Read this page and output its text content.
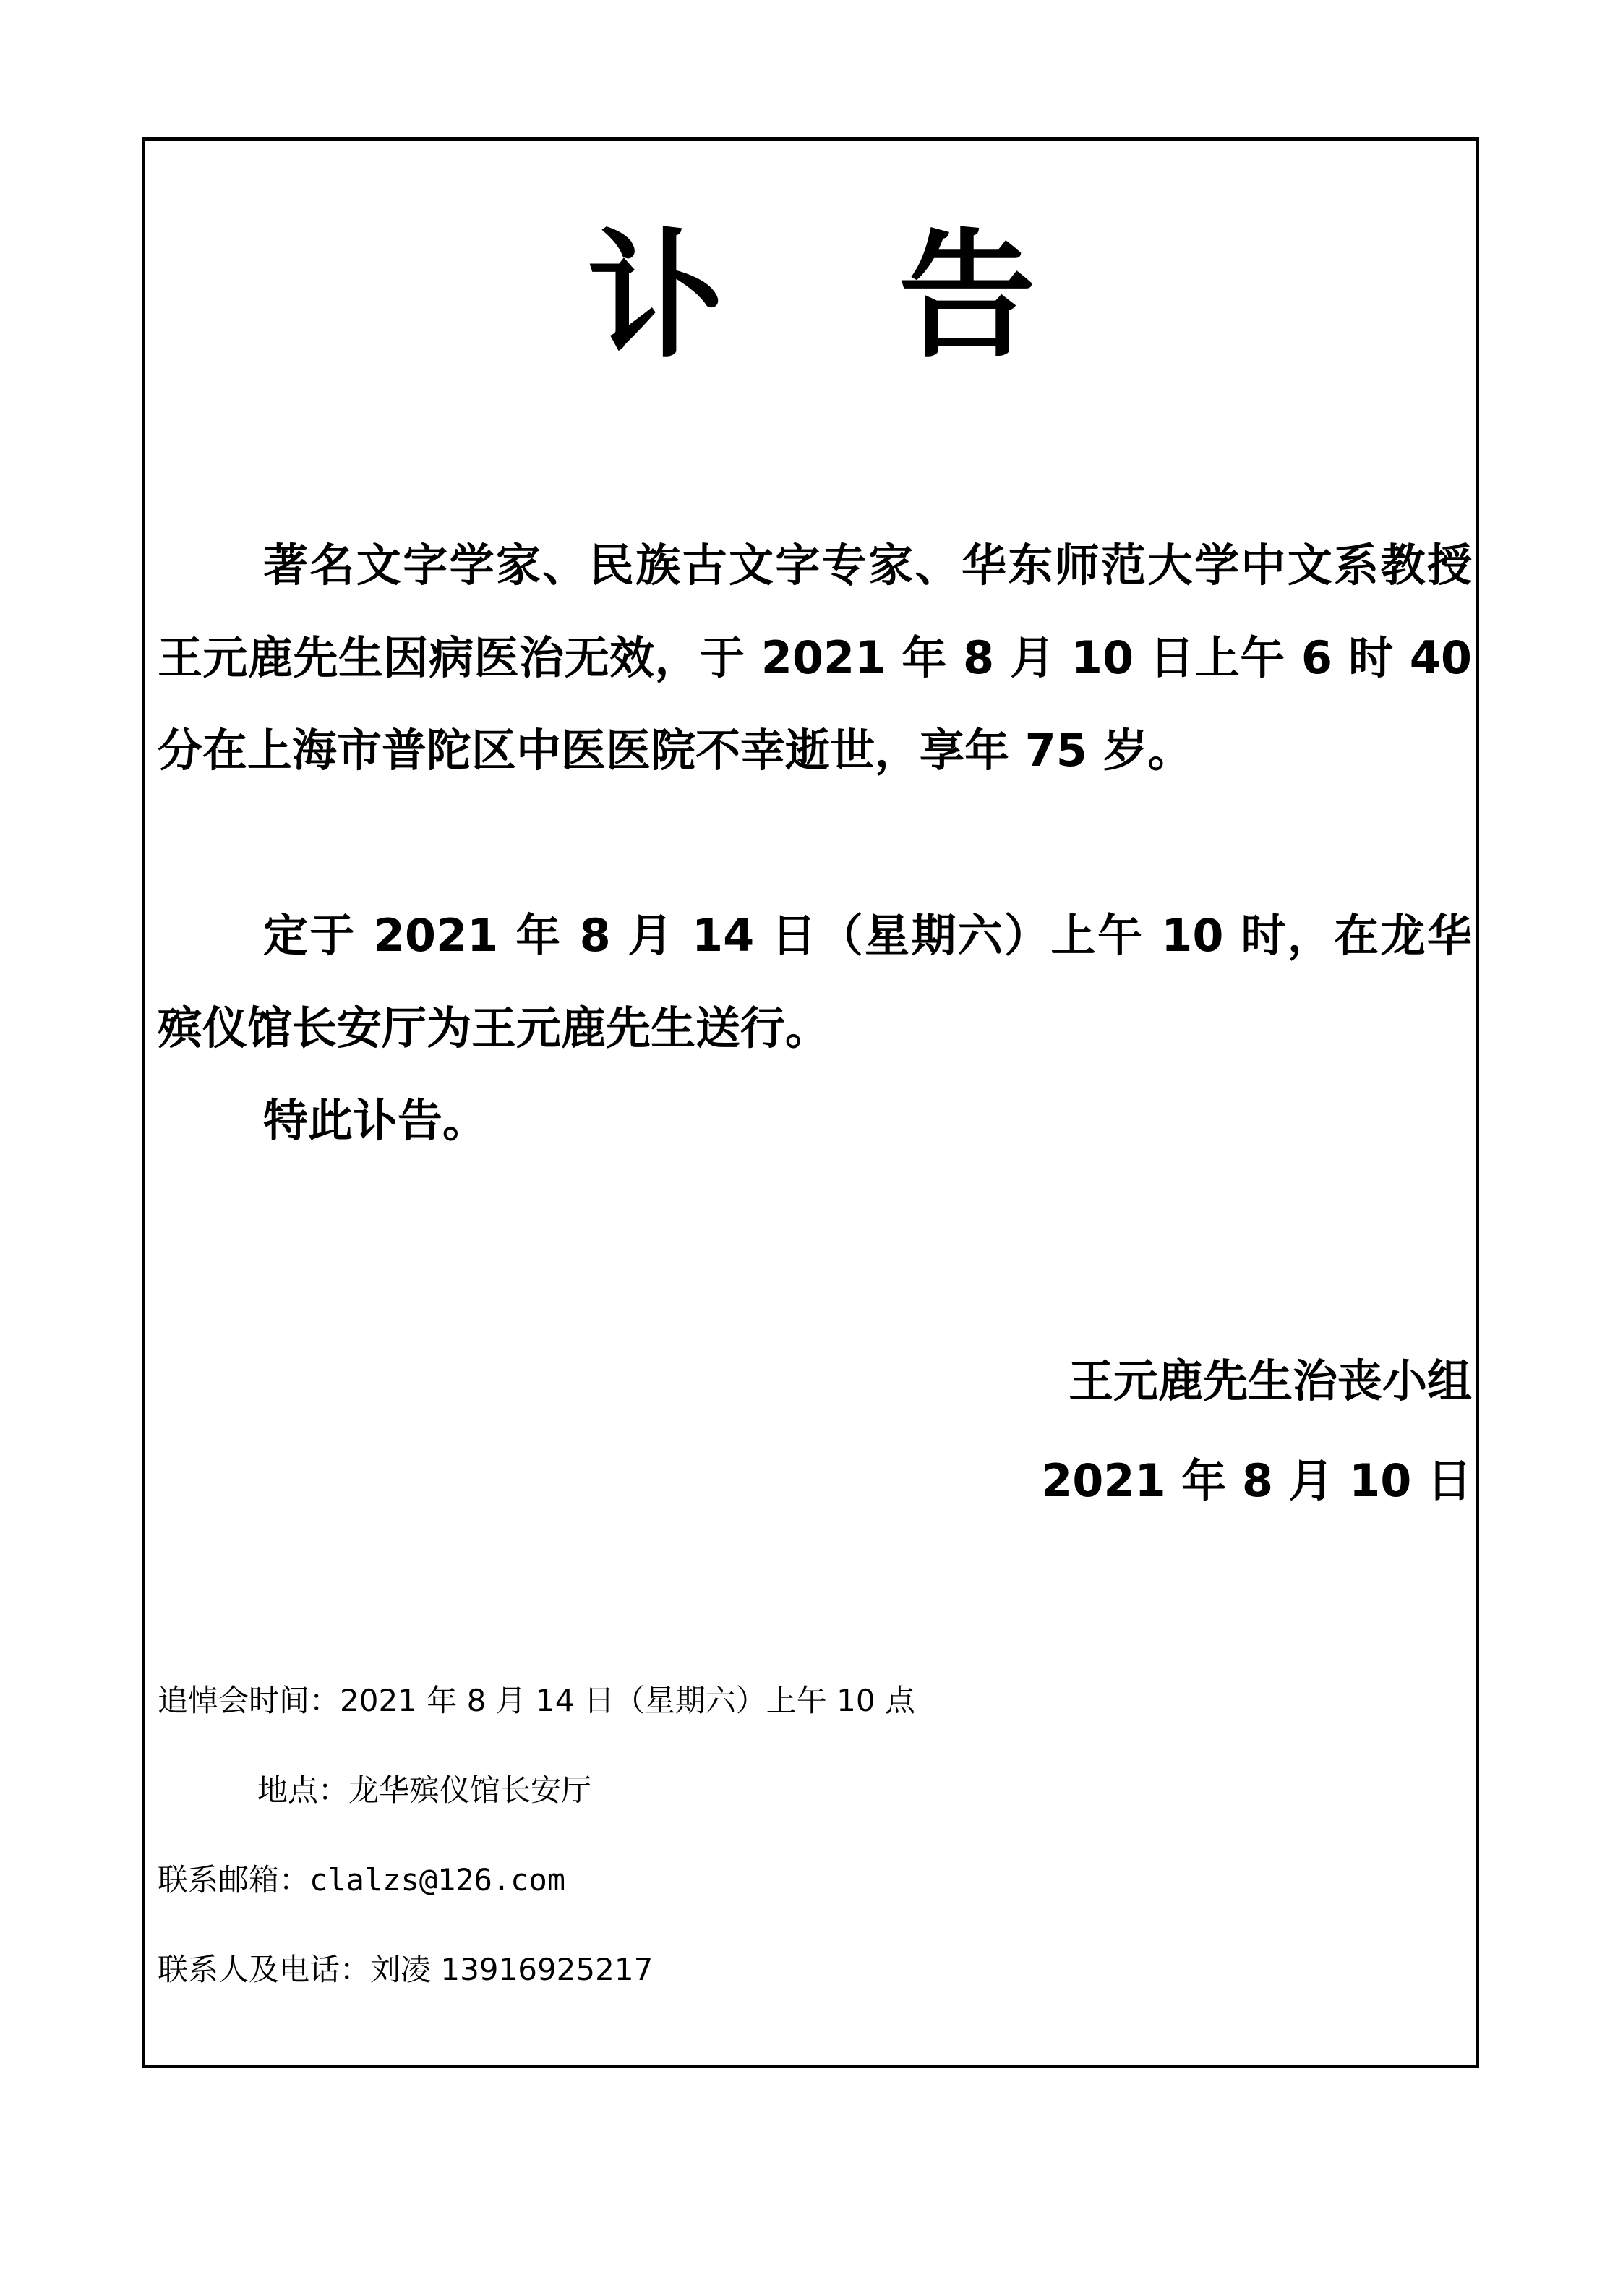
讣 告

著名文字学家、民族古文字专家、华东师范大学中文系教授王元鹿先生因病医治无效，于 2021 年 8 月 10 日上午 6 时 40 分在上海市普陀区中医医院不幸逝世，享年 75 岁。

定于 2021 年 8 月 14 日（星期六）上午 10 时，在龙华殡仪馆长安厅为王元鹿先生送行。

特此讣告。

王元鹿先生治丧小组
2021 年 8 月 10 日
追悼会时间：2021 年 8 月 14 日（星期六）上午 10 点
地点：龙华殡仪馆长安厅
联系邮箱：clalzs@126.com
联系人及电话：刘凌 13916925217
